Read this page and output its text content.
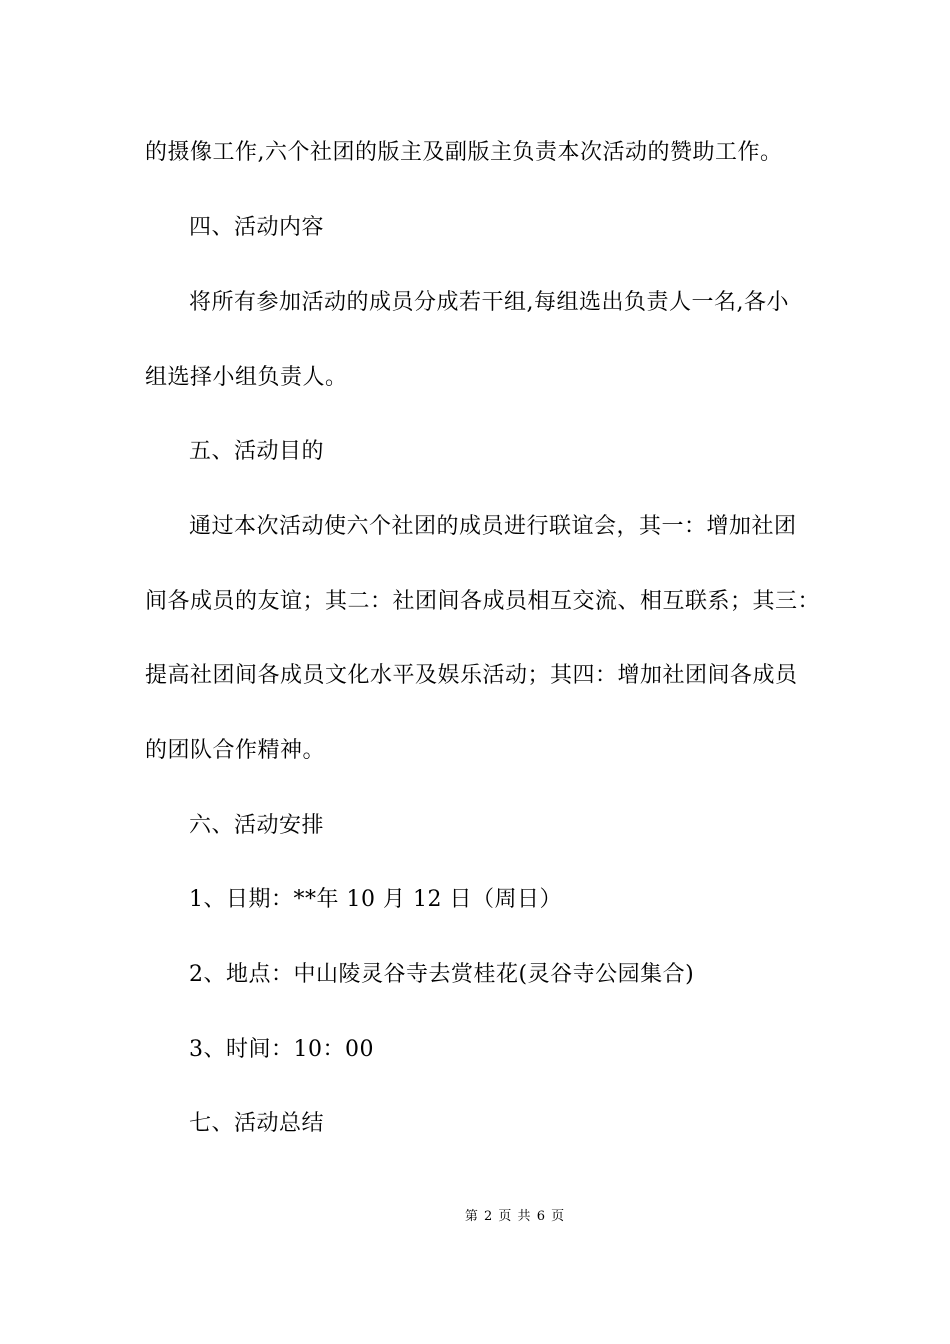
的摄像工作,六个社团的版主及副版主负责本次活动的赞助工作。
四、活动内容
将所有参加活动的成员分成若干组,每组选出负责人一名,各小
组选择小组负责人。
五、活动目的
通过本次活动使六个社团的成员进行联谊会，其一：增加社团
间各成员的友谊；其二：社团间各成员相互交流、相互联系；其三：
提高社团间各成员文化水平及娱乐活动；其四：增加社团间各成员
的团队合作精神。
六、活动安排
1、日期：**年 10 月 12 日（周日）
2、地点：中山陵灵谷寺去赏桂花(灵谷寺公园集合)
3、时间：10：00
七、活动总结
第 2 页 共 6 页
